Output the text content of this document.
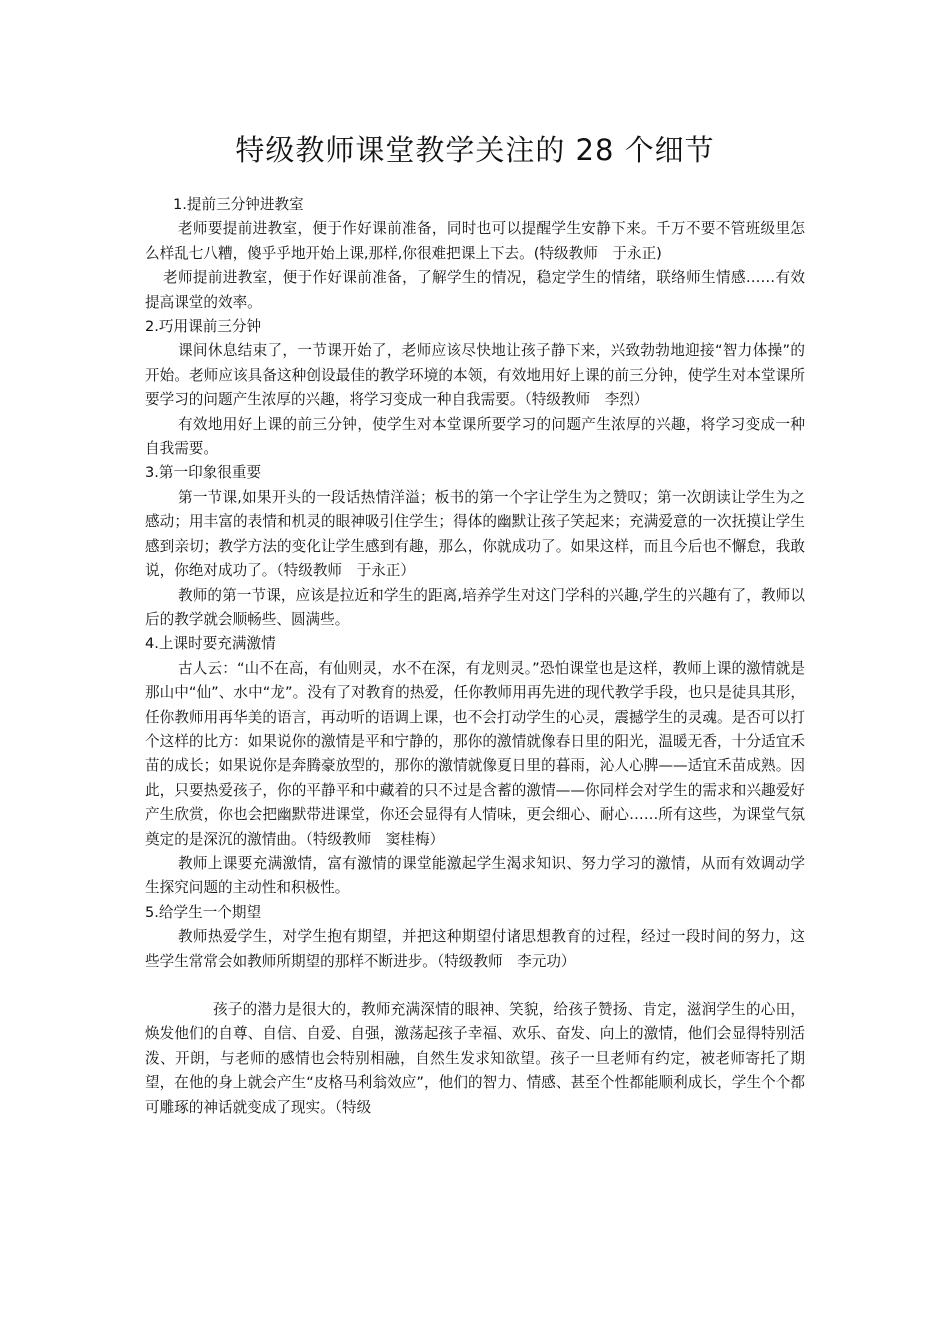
特级教师课堂教学关注的 28 个细节

1.提前三分钟进教室

老师要提前进教室，便于作好课前准备，同时也可以提醒学生安静下来。千万不要不管班级里怎么样乱七八糟，傻乎乎地开始上课,那样,你很难把课上下去。(特级教师　于永正)

老师提前进教室，便于作好课前准备，了解学生的情况，稳定学生的情绪，联络师生情感……有效提高课堂的效率。

2.巧用课前三分钟

课间休息结束了，一节课开始了，老师应该尽快地让孩子静下来，兴致勃勃地迎接“智力体操”的开始。老师应该具备这种创设最佳的教学环境的本领，有效地用好上课的前三分钟，使学生对本堂课所要学习的问题产生浓厚的兴趣，将学习变成一种自我需要。（特级教师　李烈）

有效地用好上课的前三分钟，使学生对本堂课所要学习的问题产生浓厚的兴趣，将学习变成一种自我需要。

3.第一印象很重要

第一节课,如果开头的一段话热情洋溢；板书的第一个字让学生为之赞叹；第一次朗读让学生为之感动；用丰富的表情和机灵的眼神吸引住学生；得体的幽默让孩子笑起来；充满爱意的一次抚摸让学生感到亲切；教学方法的变化让学生感到有趣，那么，你就成功了。如果这样，而且今后也不懈怠，我敢说，你绝对成功了。（特级教师　于永正）

教师的第一节课，应该是拉近和学生的距离,培养学生对这门学科的兴趣,学生的兴趣有了，教师以后的教学就会顺畅些、圆满些。

4.上课时要充满激情

古人云：“山不在高，有仙则灵，水不在深，有龙则灵。”恐怕课堂也是这样，教师上课的激情就是那山中“仙”、水中“龙”。没有了对教育的热爱，任你教师用再先进的现代教学手段，也只是徒具其形，任你教师用再华美的语言，再动听的语调上课，也不会打动学生的心灵，震撼学生的灵魂。是否可以打个这样的比方：如果说你的激情是平和宁静的，那你的激情就像春日里的阳光，温暖无香，十分适宜禾苗的成长；如果说你是奔腾豪放型的，那你的激情就像夏日里的暮雨，沁人心脾——适宜禾苗成熟。因此，只要热爱孩子，你的平静平和中藏着的只不过是含蓄的激情——你同样会对学生的需求和兴趣爱好产生欣赏，你也会把幽默带进课堂，你还会显得有人情味，更会细心、耐心……所有这些，为课堂气氛奠定的是深沉的激情曲。（特级教师　窦桂梅）

教师上课要充满激情，富有激情的课堂能激起学生渴求知识、努力学习的激情，从而有效调动学生探究问题的主动性和积极性。

5.给学生一个期望

教师热爱学生，对学生抱有期望，并把这种期望付诸思想教育的过程，经过一段时间的努力，这些学生常常会如教师所期望的那样不断进步。（特级教师　李元功）

孩子的潜力是很大的，教师充满深情的眼神、笑貌，给孩子赞扬、肯定，滋润学生的心田，焕发他们的自尊、自信、自爱、自强，激荡起孩子幸福、欢乐、奋发、向上的激情，他们会显得特别活泼、开朗，与老师的感情也会特别相融，自然生发求知欲望。孩子一旦老师有约定，被老师寄托了期望，在他的身上就会产生“皮格马利翁效应”，他们的智力、情感、甚至个性都能顺利成长，学生个个都可雕琢的神话就变成了现实。（特级
